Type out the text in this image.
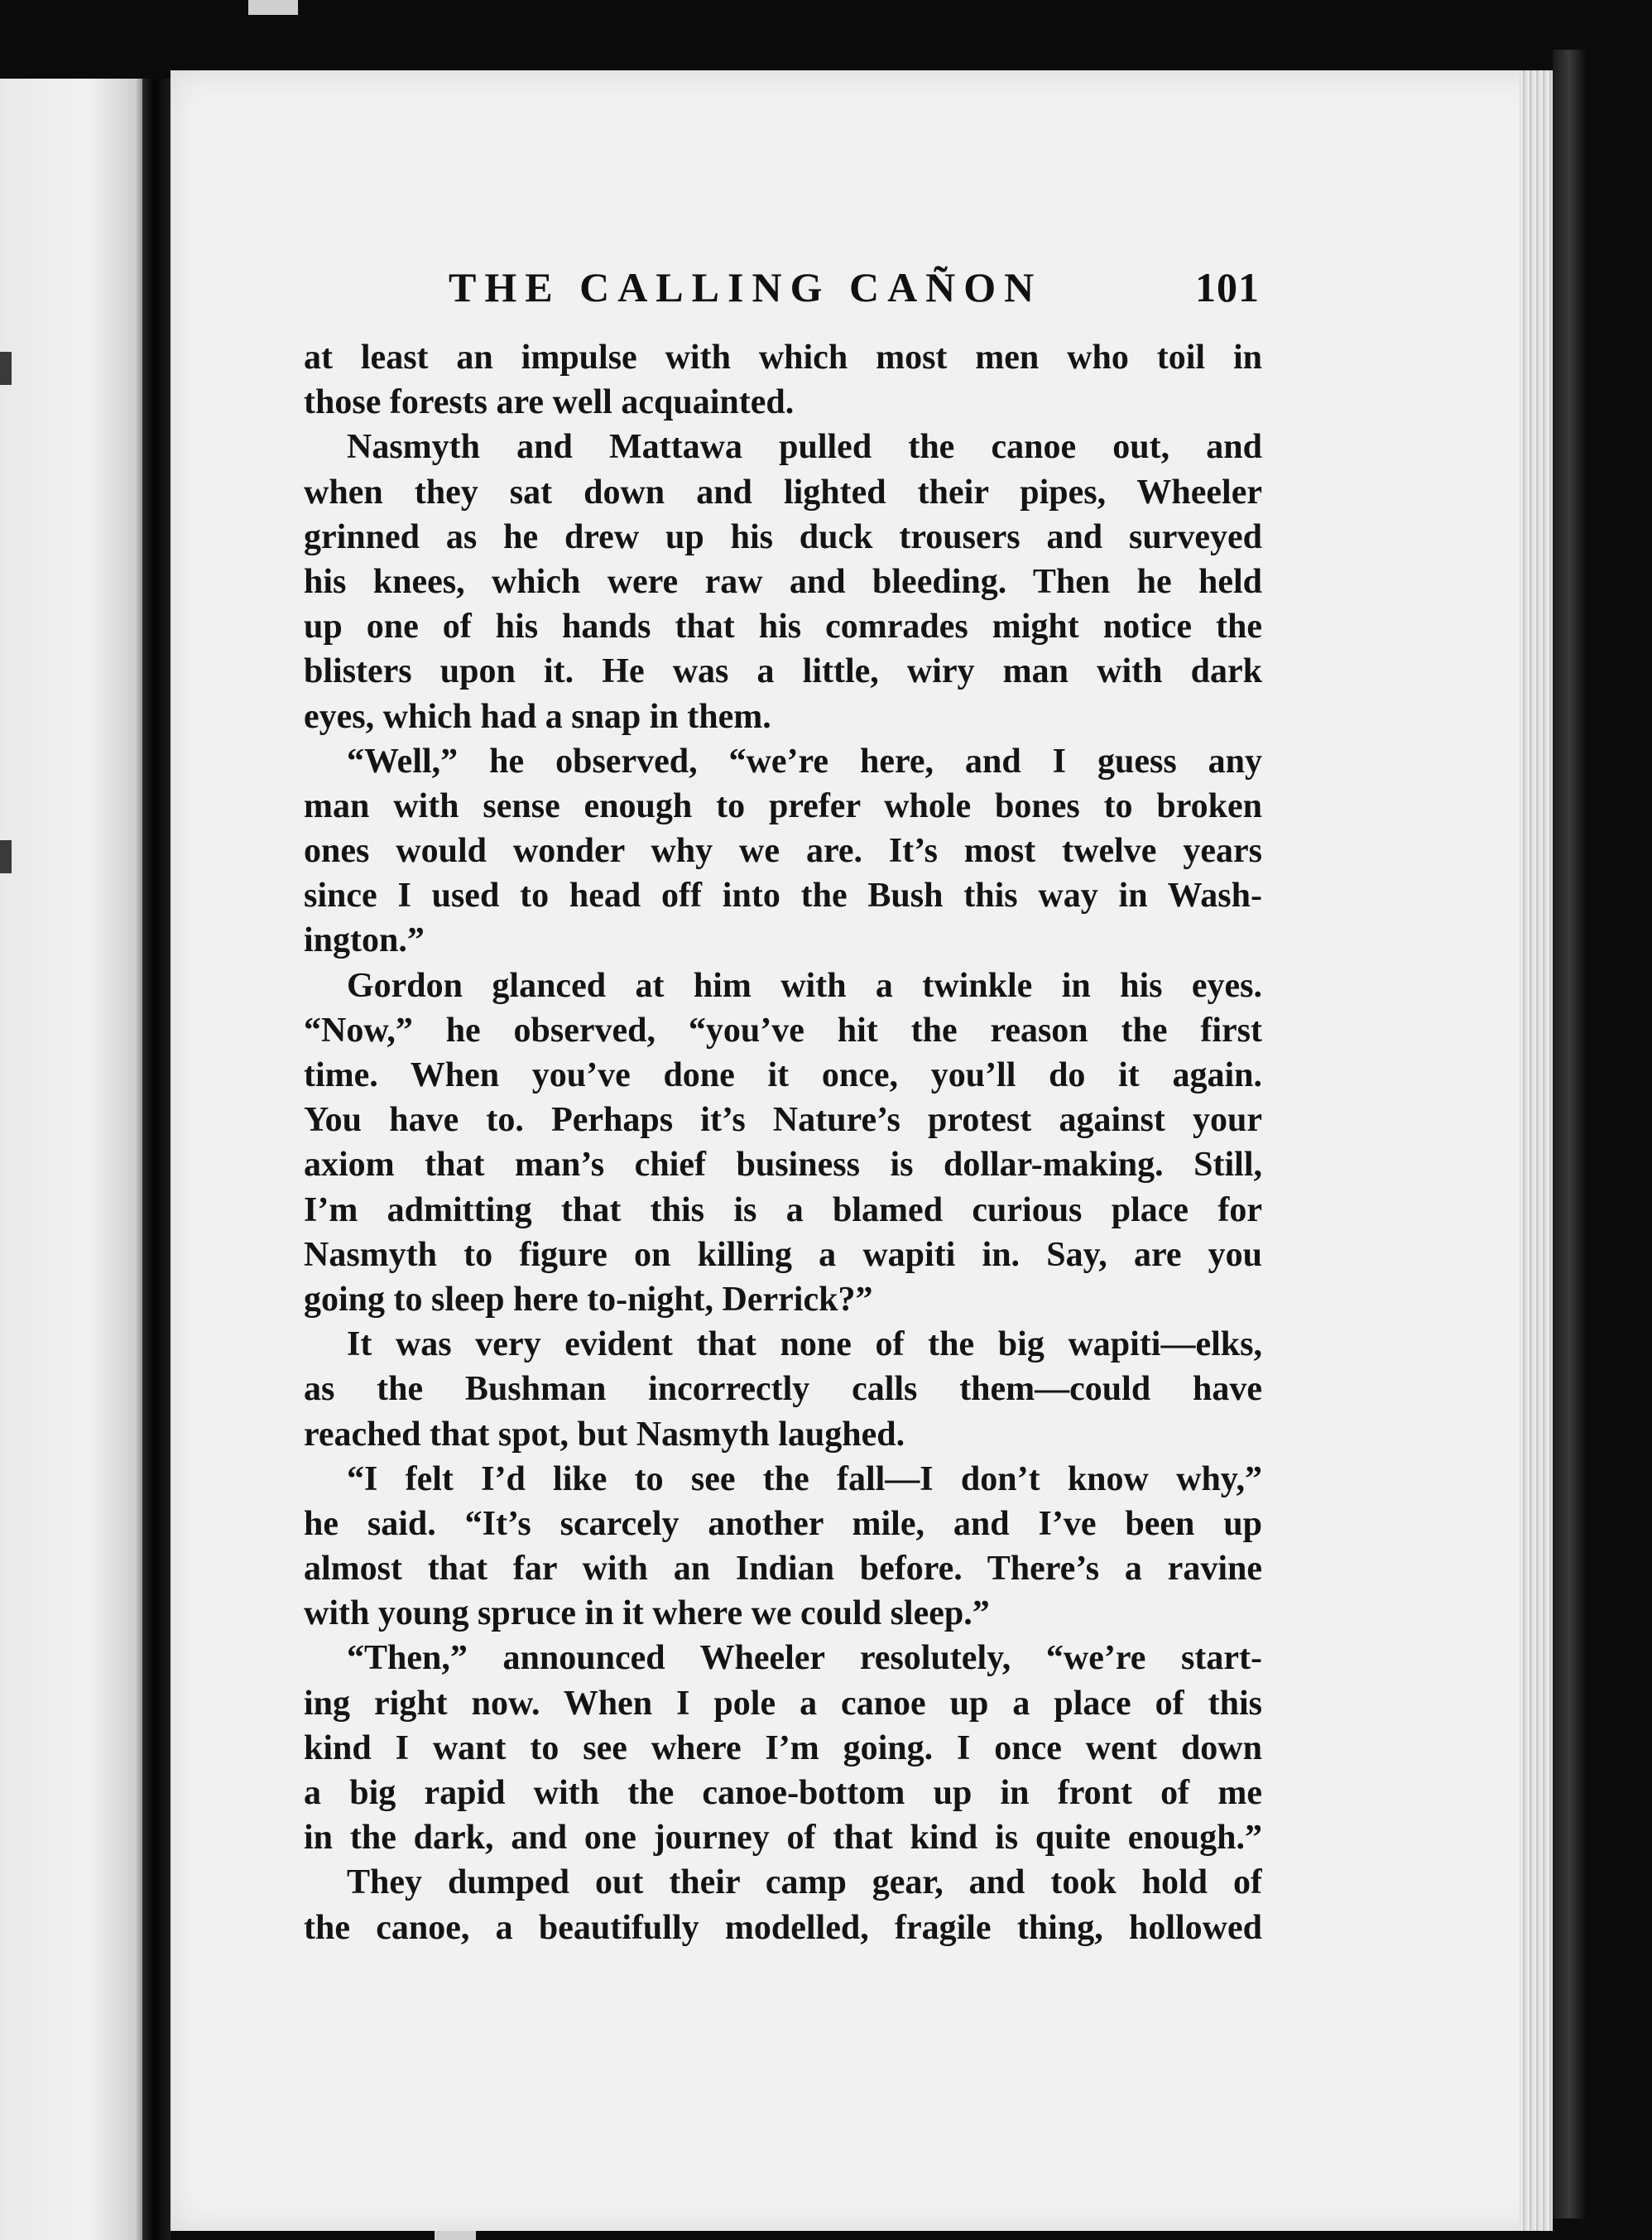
THE CALLING CAÑON	101
at least an impulse with which most men who toil in
those forests are well acquainted.
Nasmyth and Mattawa pulled the canoe out, and
when they sat down and lighted their pipes, Wheeler
grinned as he drew up his duck trousers and surveyed
his knees, which were raw and bleeding. Then he held
up one of his hands that his comrades might notice the
blisters upon it. He was a little, wiry man with dark
eyes, which had a snap in them.
“Well,” he observed, “we’re here, and I guess any
man with sense enough to prefer whole bones to broken
ones would wonder why we are. It’s most twelve years
since I used to head off into the Bush this way in Wash-
ington.”
Gordon glanced at him with a twinkle in his eyes.
“Now,” he observed, “you’ve hit the reason the first
time. When you’ve done it once, you’ll do it again.
You have to. Perhaps it’s Nature’s protest against your
axiom that man’s chief business is dollar-making. Still,
I’m admitting that this is a blamed curious place for
Nasmyth to figure on killing a wapiti in. Say, are you
going to sleep here to-night, Derrick?”
It was very evident that none of the big wapiti—elks,
as the Bushman incorrectly calls them—could have
reached that spot, but Nasmyth laughed.
“I felt I’d like to see the fall—I don’t know why,”
he said. “It’s scarcely another mile, and I’ve been up
almost that far with an Indian before. There’s a ravine
with young spruce in it where we could sleep.”
“Then,” announced Wheeler resolutely, “we’re start-
ing right now. When I pole a canoe up a place of this
kind I want to see where I’m going. I once went down
a big rapid with the canoe-bottom up in front of me
in the dark, and one journey of that kind is quite enough.”
They dumped out their camp gear, and took hold of
the canoe, a beautifully modelled, fragile thing, hollowed
